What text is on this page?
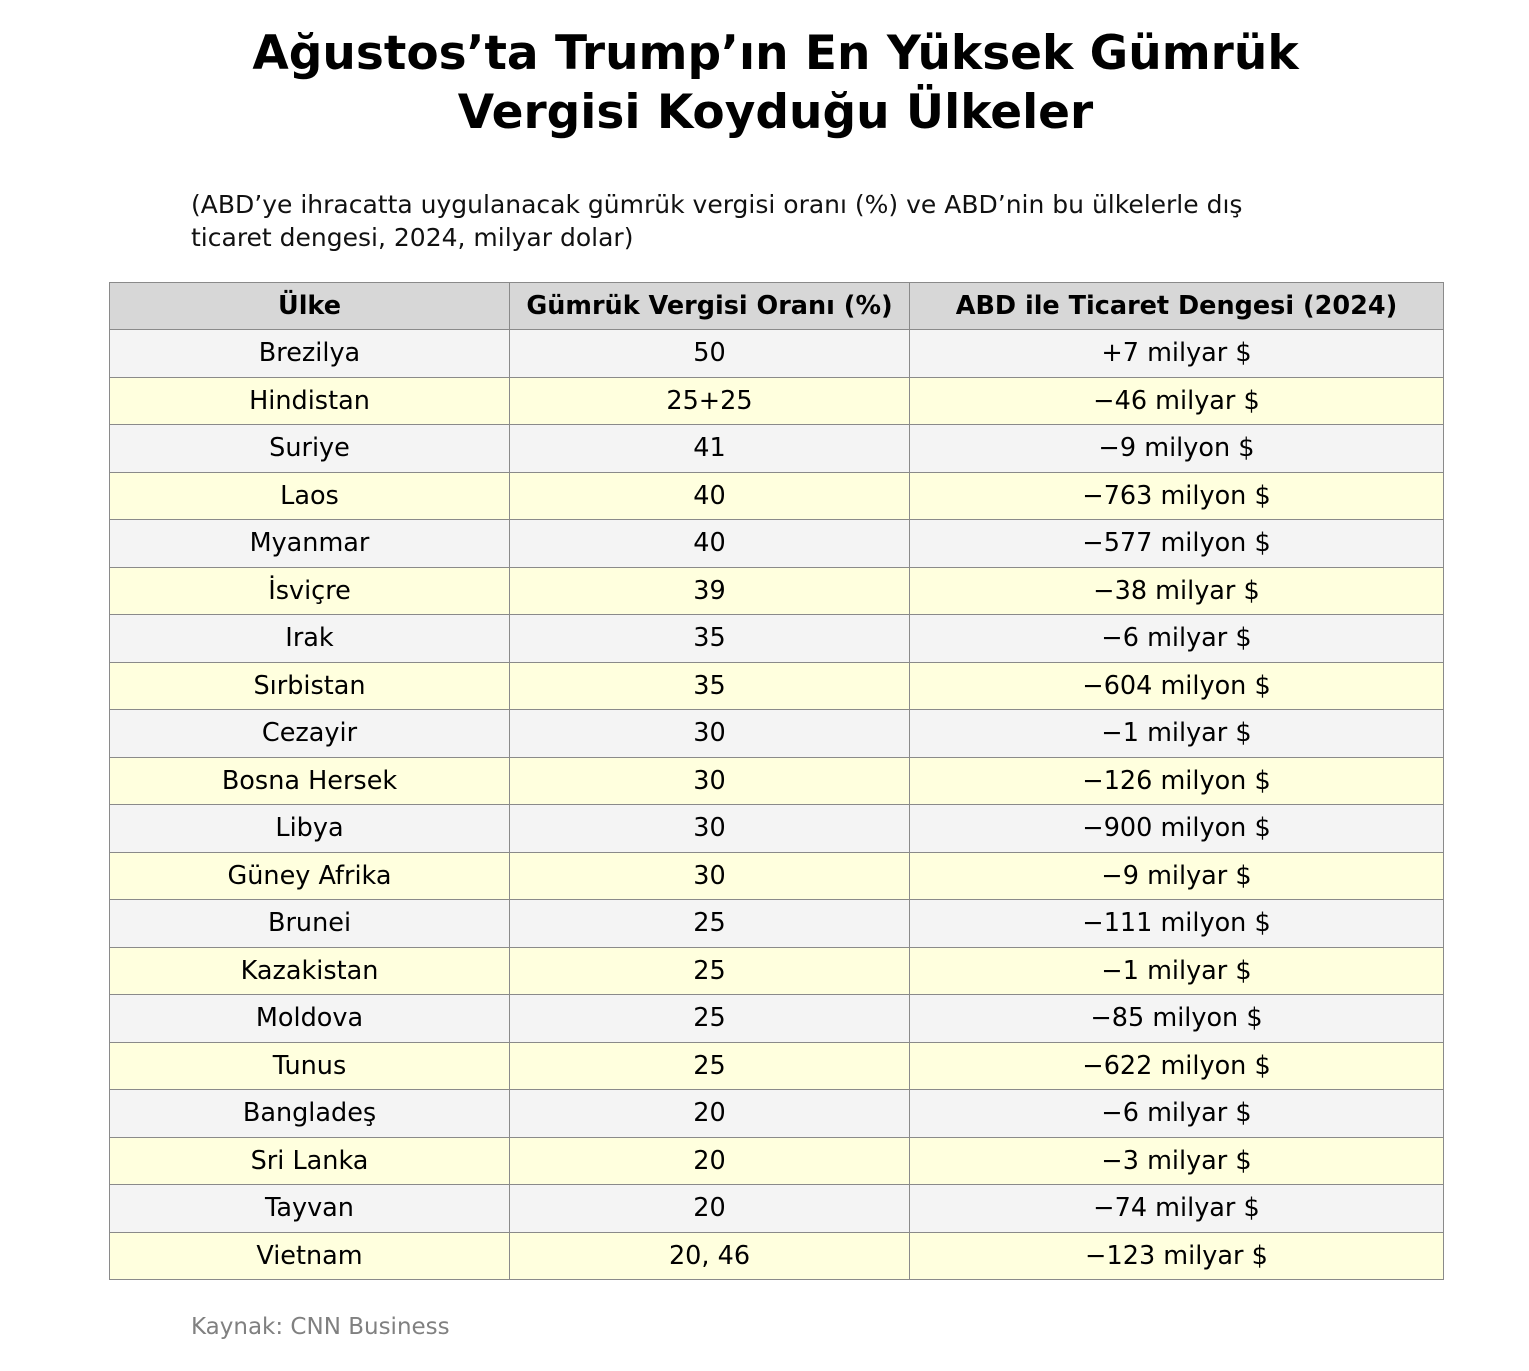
Ağustos’ta Trump’ın En Yüksek Gümrük
Vergisi Koyduğu Ülkeler

(ABD’ye ihracatta uygulanacak gümrük vergisi oranı (%) ve ABD’nin bu ülkelerle dış
ticaret dengesi, 2024, milyar dolar)

Ülke	Gümrük Vergisi Oranı (%)	ABD ile Ticaret Dengesi (2024)
Brezilya	50	+7 milyar $
Hindistan	25+25	−46 milyar $
Suriye	41	−9 milyon $
Laos	40	−763 milyon $
Myanmar	40	−577 milyon $
İsviçre	39	−38 milyar $
Irak	35	−6 milyar $
Sırbistan	35	−604 milyon $
Cezayir	30	−1 milyar $
Bosna Hersek	30	−126 milyon $
Libya	30	−900 milyon $
Güney Afrika	30	−9 milyar $
Brunei	25	−111 milyon $
Kazakistan	25	−1 milyar $
Moldova	25	−85 milyon $
Tunus	25	−622 milyon $
Bangladeş	20	−6 milyar $
Sri Lanka	20	−3 milyar $
Tayvan	20	−74 milyar $
Vietnam	20, 46	−123 milyar $

Kaynak: CNN Business
